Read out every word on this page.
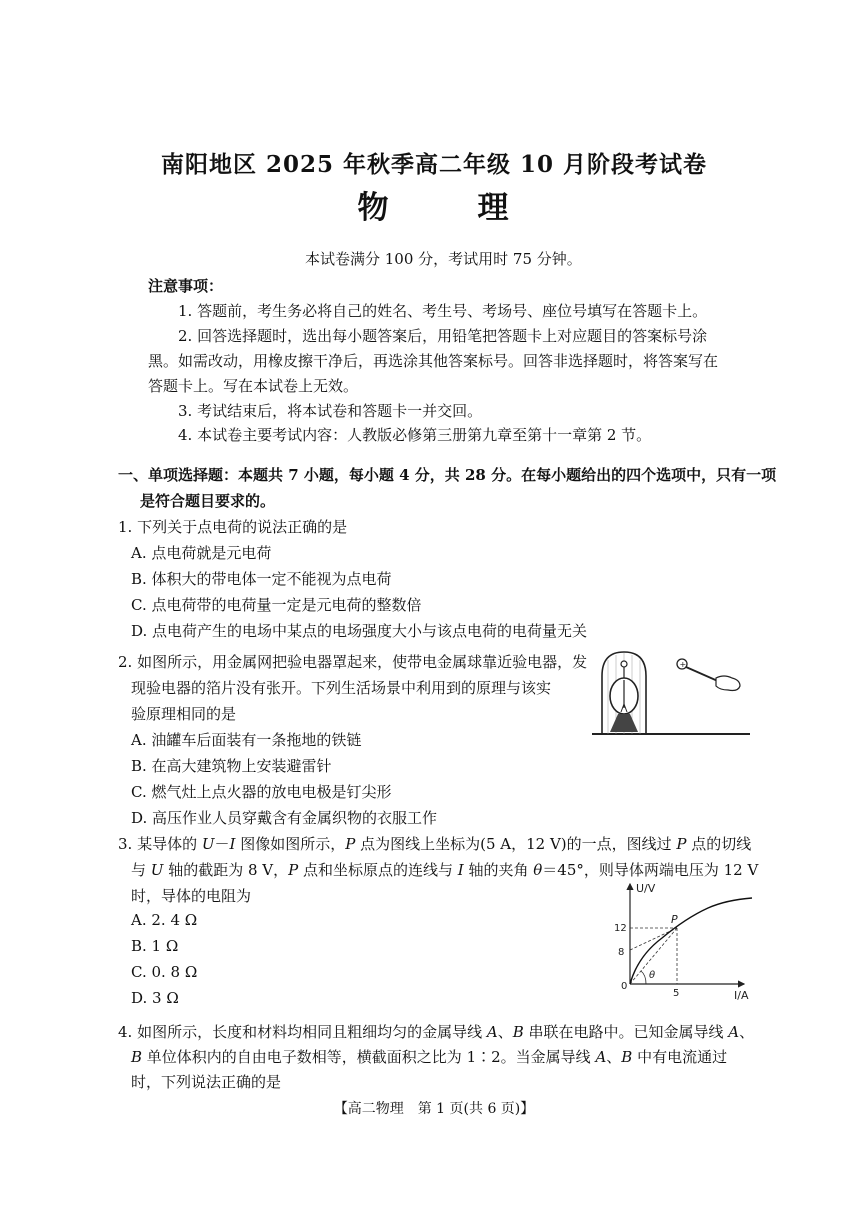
南阳地区 2025 年秋季高二年级 10 月阶段考试卷
物	理
本试卷满分 100 分，考试用时 75 分钟。
注意事项：
1. 答题前，考生务必将自己的姓名、考生号、考场号、座位号填写在答题卡上。
2. 回答选择题时，选出每小题答案后，用铅笔把答题卡上对应题目的答案标号涂
黑。如需改动，用橡皮擦干净后，再选涂其他答案标号。回答非选择题时，将答案写在
答题卡上。写在本试卷上无效。
3. 考试结束后，将本试卷和答题卡一并交回。
4. 本试卷主要考试内容：人教版必修第三册第九章至第十一章第 2 节。
一、单项选择题：本题共 7 小题，每小题 4 分，共 28 分。在每小题给出的四个选项中，只有一项
是符合题目要求的。
1. 下列关于点电荷的说法正确的是
A. 点电荷就是元电荷
B. 体积大的带电体一定不能视为点电荷
C. 点电荷带的电荷量一定是元电荷的整数倍
D. 点电荷产生的电场中某点的电场强度大小与该点电荷的电荷量无关
2. 如图所示，用金属网把验电器罩起来，使带电金属球靠近验电器，发
现验电器的箔片没有张开。下列生活场景中利用到的原理与该实
验原理相同的是
A. 油罐车后面装有一条拖地的铁链
B. 在高大建筑物上安装避雷针
C. 燃气灶上点火器的放电电极是钉尖形
D. 高压作业人员穿戴含有金属织物的衣服工作
+
3. 某导体的 U－I 图像如图所示，P 点为图线上坐标为(5 A，12 V)的一点，图线过 P 点的切线
与 U 轴的截距为 8 V，P 点和坐标原点的连线与 I 轴的夹角 θ＝45°，则导体两端电压为 12 V
时，导体的电阻为
A. 2. 4 Ω
B. 1 Ω
C. 0. 8 Ω
D. 3 Ω
U/V
I/A
0
12
8
5
θ
P
4. 如图所示，长度和材料均相同且粗细均匀的金属导线 A、B 串联在电路中。已知金属导线 A、
B 单位体积内的自由电子数相等，横截面积之比为 1∶2。当金属导线 A、B 中有电流通过
时，下列说法正确的是
【高二物理　第 1 页(共 6 页)】
